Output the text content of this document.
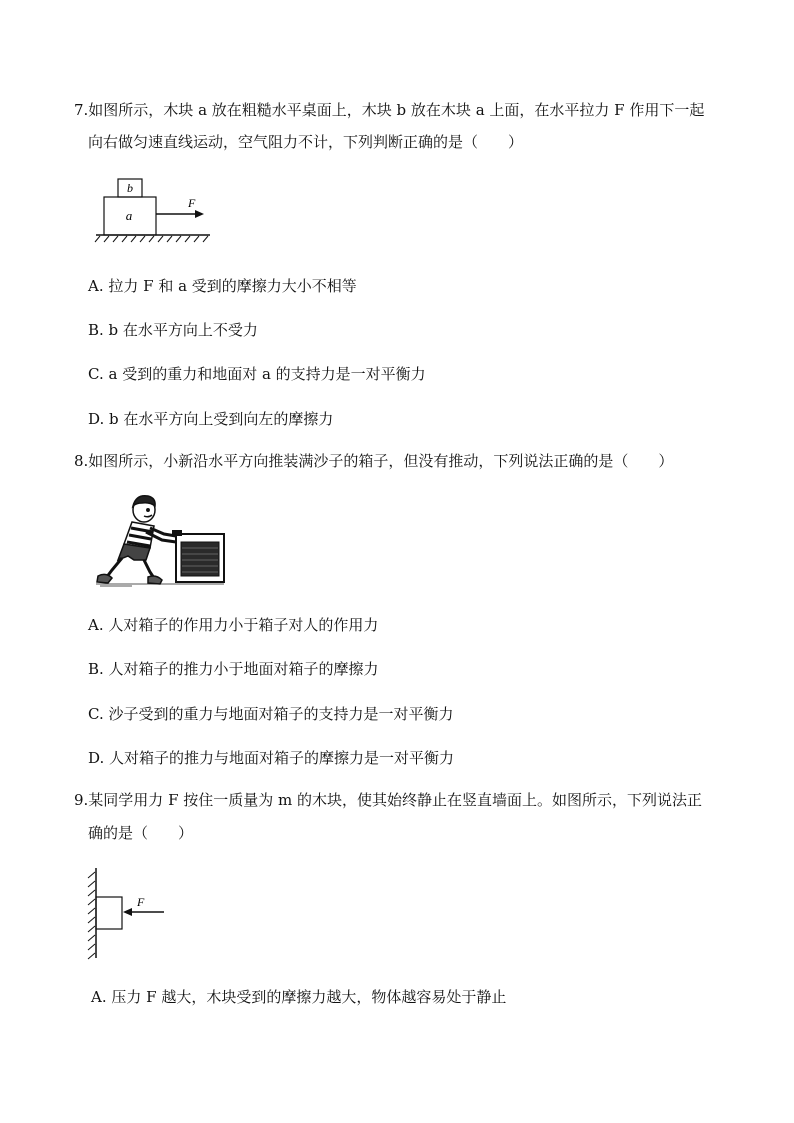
7.如图所示，木块 a 放在粗糙水平桌面上，木块 b 放在木块 a 上面，在水平拉力 F 作用下一起
向右做匀速直线运动，空气阻力不计，下列判断正确的是（　　）
b
a
F
A. 拉力 F 和 a 受到的摩擦力大小不相等
B. b 在水平方向上不受力
C. a 受到的重力和地面对 a 的支持力是一对平衡力
D. b 在水平方向上受到向左的摩擦力
8.如图所示，小新沿水平方向推装满沙子的箱子，但没有推动，下列说法正确的是（　　）
A. 人对箱子的作用力小于箱子对人的作用力
B. 人对箱子的推力小于地面对箱子的摩擦力
C. 沙子受到的重力与地面对箱子的支持力是一对平衡力
D. 人对箱子的推力与地面对箱子的摩擦力是一对平衡力
9.某同学用力 F 按住一质量为 m 的木块，使其始终静止在竖直墙面上。如图所示，下列说法正
确的是（　　）
F
A. 压力 F 越大，木块受到的摩擦力越大，物体越容易处于静止
